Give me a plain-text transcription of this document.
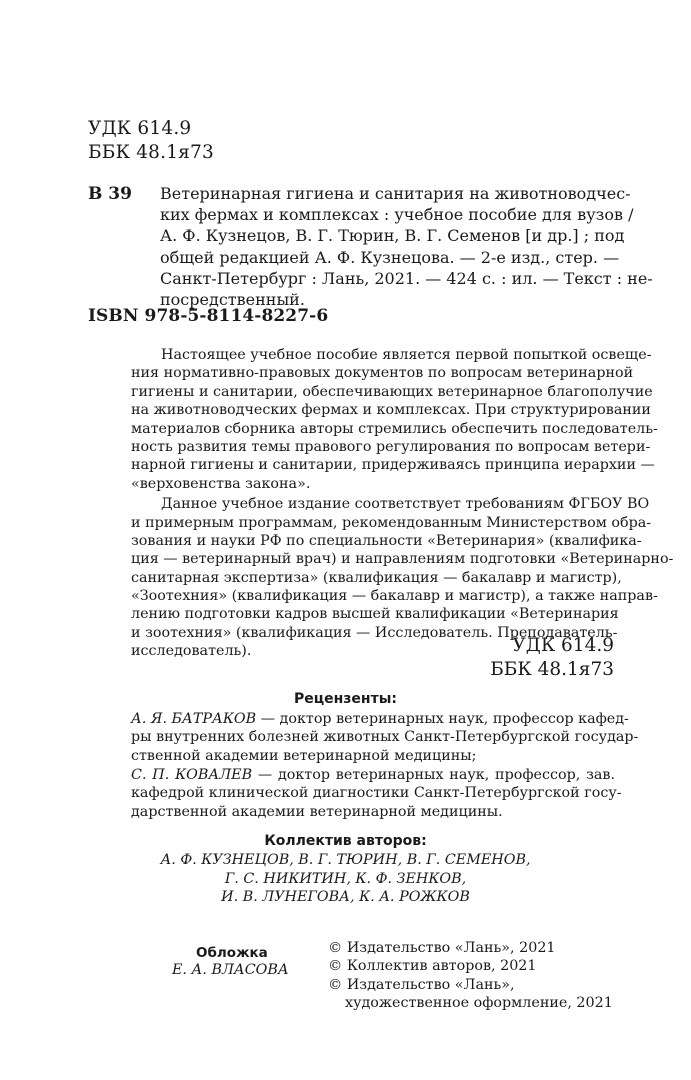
УДК 614.9
ББК 48.1я73
В 39 Ветеринарная гигиена и санитария на животноводчес-
ких фермах и комплексах : учебное пособие для вузов /
А. Ф. Кузнецов, В. Г. Тюрин, В. Г. Семенов [и др.] ; под
общей редакцией А. Ф. Кузнецова. — 2-е изд., стер. —
Санкт-Петербург : Лань, 2021. — 424 с. : ил. — Текст : не-
посредственный.
ISBN 978-5-8114-8227-6
Настоящее учебное пособие является первой попыткой освеще-
ния нормативно-правовых документов по вопросам ветеринарной
гигиены и санитарии, обеспечивающих ветеринарное благополучие
на животноводческих фермах и комплексах. При структурировании
материалов сборника авторы стремились обеспечить последователь-
ность развития темы правового регулирования по вопросам ветери-
нарной гигиены и санитарии, придерживаясь принципа иерархии —
«верховенства закона».
Данное учебное издание соответствует требованиям ФГБОУ ВО
и примерным программам, рекомендованным Министерством обра-
зования и науки РФ по специальности «Ветеринария» (квалифика-
ция — ветеринарный врач) и направлениям подготовки «Ветеринарно-
санитарная экспертиза» (квалификация — бакалавр и магистр),
«Зоотехния» (квалификация — бакалавр и магистр), а также направ-
лению подготовки кадров высшей квалификации «Ветеринария
и зоотехния» (квалификация — Исследователь. Преподаватель-
исследователь).	УДК 614.9
ББК 48.1я73
Рецензенты:
А. Я. БАТРАКОВ — доктор ветеринарных наук, профессор кафед-
ры внутренних болезней животных Санкт-Петербургской государ-
ственной академии ветеринарной медицины;
С. П. КОВАЛЕВ — доктор ветеринарных наук, профессор, зав.
кафедрой клинической диагностики Санкт-Петербургской госу-
дарственной академии ветеринарной медицины.
Коллектив авторов:
А. Ф. КУЗНЕЦОВ, В. Г. ТЮРИН, В. Г. СЕМЕНОВ,
Г. С. НИКИТИН, К. Ф. ЗЕНКОВ,
И. В. ЛУНЕГОВА, К. А. РОЖКОВ
Обложка
Е. А. ВЛАСОВА
© Издательство «Лань», 2021
© Коллектив авторов, 2021
© Издательство «Лань»,
художественное оформление, 2021
